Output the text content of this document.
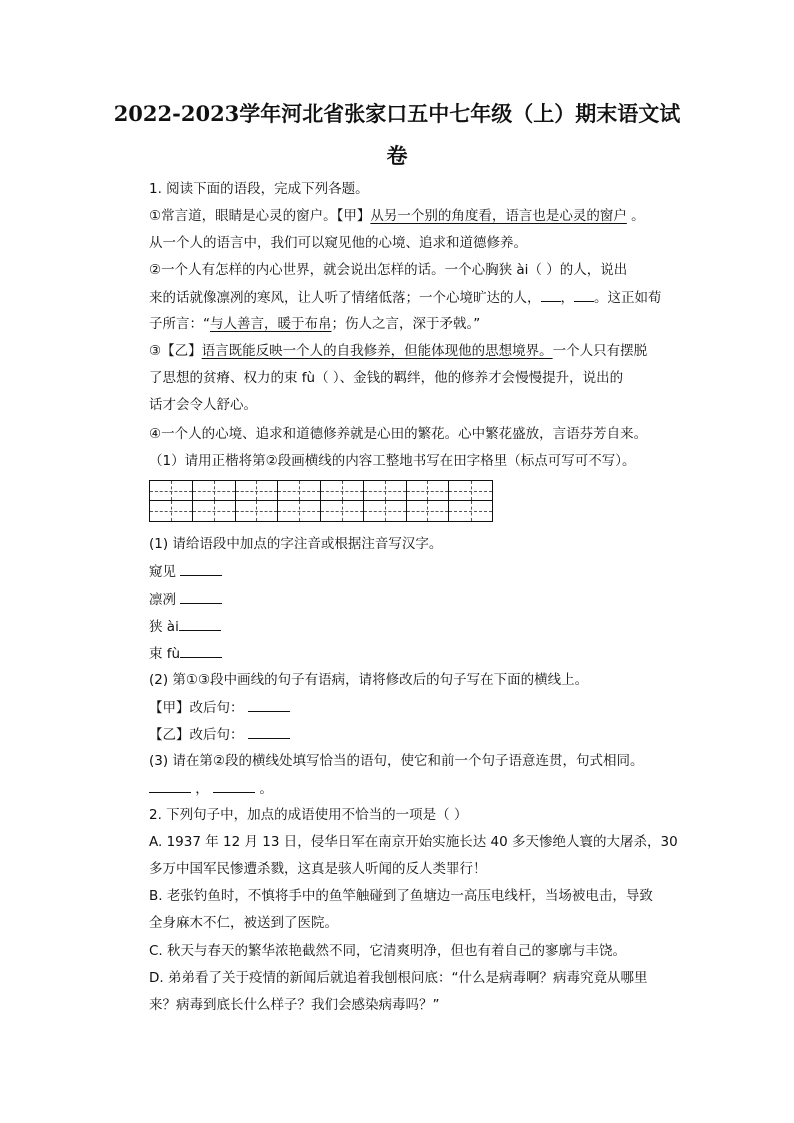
2022-2023学年河北省张家口五中七年级（上）期末语文试
卷
1. 阅读下面的语段，完成下列各题。
①常言道，眼睛是心灵的窗户。【甲】从另一个别的角度看，语言也是心灵的窗户 。
从一个人的语言中，我们可以窥见他的心境、追求和道德修养。
②一个人有怎样的内心世界，就会说出怎样的话。一个心胸狭 ài（ ）的人，说出
来的话就像凛冽的寒风，让人听了情绪低落；一个心境旷达的人， ， 。这正如荀
子所言：“与人善言，暖于布帛；伤人之言，深于矛戟。”
③【乙】语言既能反映一个人的自我修养，但能体现他的思想境界。一个人只有摆脱
了思想的贫瘠、权力的束 fù（ ）、金钱的羁绊，他的修养才会慢慢提升，说出的
话才会令人舒心。
④一个人的心境、追求和道德修养就是心田的繁花。心中繁花盛放，言语芬芳自来。
（1）请用正楷将第②段画横线的内容工整地书写在田字格里（标点可写可不写）。
(1) 请给语段中加点的字注音或根据注音写汉字。
窥见
凛冽
狭 ài
束 fù
(2) 第①③段中画线的句子有语病，请将修改后的句子写在下面的横线上。
【甲】改后句：
【乙】改后句：
(3) 请在第②段的横线处填写恰当的语句，使它和前一个句子语意连贯，句式相同。
，	。
2. 下列句子中，加点的成语使用不恰当的一项是（ ）
A. 1937 年 12 月 13 日，侵华日军在南京开始实施长达 40 多天惨绝人寰的大屠杀，30
多万中国军民惨遭杀戮，这真是骇人听闻的反人类罪行！
B. 老张钓鱼时，不慎将手中的鱼竿触碰到了鱼塘边一高压电线杆，当场被电击，导致
全身麻木不仁，被送到了医院。
C. 秋天与春天的繁华浓艳截然不同，它清爽明净，但也有着自己的寥廓与丰饶。
D. 弟弟看了关于疫情的新闻后就追着我刨根问底：“什么是病毒啊？病毒究竟从哪里
来？病毒到底长什么样子？我们会感染病毒吗？”
